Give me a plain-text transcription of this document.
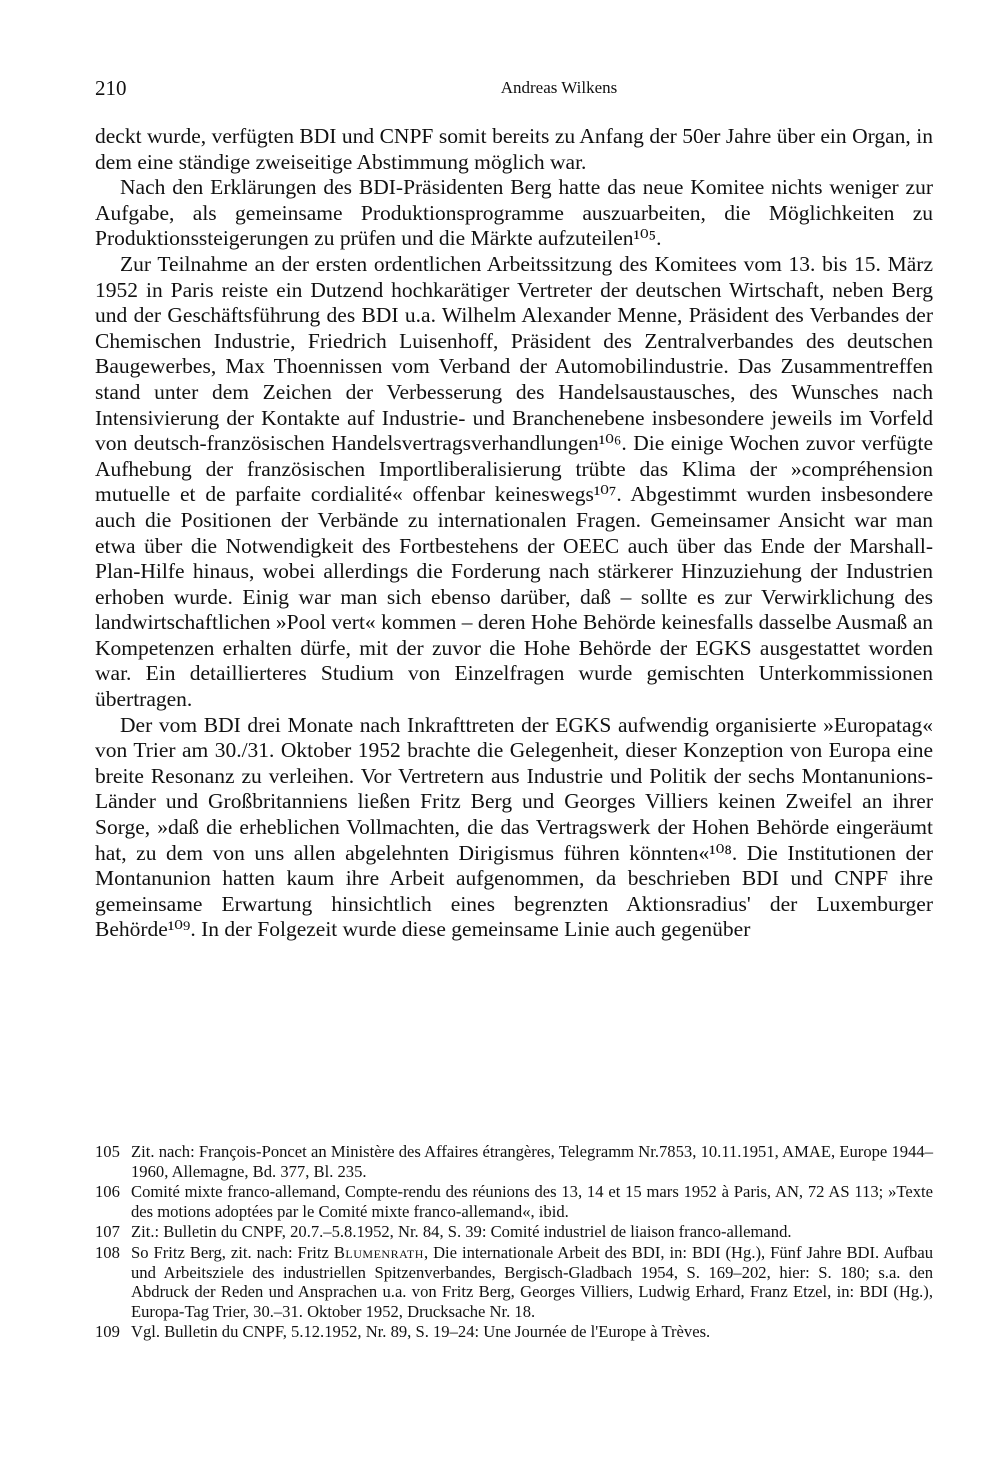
210	Andreas Wilkens

deckt wurde, verfügten BDI und CNPF somit bereits zu Anfang der 50er Jahre über ein Organ, in dem eine ständige zweiseitige Abstimmung möglich war.

Nach den Erklärungen des BDI-Präsidenten Berg hatte das neue Komitee nichts weniger zur Aufgabe, als gemeinsame Produktionsprogramme auszuarbeiten, die Möglichkeiten zu Produktionssteigerungen zu prüfen und die Märkte aufzuteilen¹⁰⁵.

Zur Teilnahme an der ersten ordentlichen Arbeitssitzung des Komitees vom 13. bis 15. März 1952 in Paris reiste ein Dutzend hochkarätiger Vertreter der deutschen Wirtschaft, neben Berg und der Geschäftsführung des BDI u.a. Wilhelm Alexander Menne, Präsident des Verbandes der Chemischen Industrie, Friedrich Luisenhoff, Präsident des Zentralverbandes des deutschen Baugewerbes, Max Thoennissen vom Verband der Automobilindustrie. Das Zusammentreffen stand unter dem Zeichen der Verbesserung des Handelsaustausches, des Wunsches nach Intensivierung der Kontakte auf Industrie- und Branchenebene insbesondere jeweils im Vorfeld von deutsch-französischen Handelsvertragsverhandlungen¹⁰⁶. Die einige Wochen zuvor verfügte Aufhebung der französischen Importliberalisierung trübte das Klima der »compréhension mutuelle et de parfaite cordialité« offenbar keineswegs¹⁰⁷. Abgestimmt wurden insbesondere auch die Positionen der Verbände zu internationalen Fragen. Gemeinsamer Ansicht war man etwa über die Notwendigkeit des Fortbestehens der OEEC auch über das Ende der Marshall-Plan-Hilfe hinaus, wobei allerdings die Forderung nach stärkerer Hinzuziehung der Industrien erhoben wurde. Einig war man sich ebenso darüber, daß – sollte es zur Verwirklichung des landwirtschaftlichen »Pool vert« kommen – deren Hohe Behörde keinesfalls dasselbe Ausmaß an Kompetenzen erhalten dürfe, mit der zuvor die Hohe Behörde der EGKS ausgestattet worden war. Ein detaillierteres Studium von Einzelfragen wurde gemischten Unterkommissionen übertragen.

Der vom BDI drei Monate nach Inkrafttreten der EGKS aufwendig organisierte »Europatag« von Trier am 30./31. Oktober 1952 brachte die Gelegenheit, dieser Konzeption von Europa eine breite Resonanz zu verleihen. Vor Vertretern aus Industrie und Politik der sechs Montanunions-Länder und Großbritanniens ließen Fritz Berg und Georges Villiers keinen Zweifel an ihrer Sorge, »daß die erheblichen Vollmachten, die das Vertragswerk der Hohen Behörde eingeräumt hat, zu dem von uns allen abgelehnten Dirigismus führen könnten«¹⁰⁸. Die Institutionen der Montanunion hatten kaum ihre Arbeit aufgenommen, da beschrieben BDI und CNPF ihre gemeinsame Erwartung hinsichtlich eines begrenzten Aktionsradius' der Luxemburger Behörde¹⁰⁹. In der Folgezeit wurde diese gemeinsame Linie auch gegenüber

105 Zit. nach: François-Poncet an Ministère des Affaires étrangères, Telegramm Nr.7853, 10.11.1951, AMAE, Europe 1944–1960, Allemagne, Bd. 377, Bl. 235.
106 Comité mixte franco-allemand, Compte-rendu des réunions des 13, 14 et 15 mars 1952 à Paris, AN, 72 AS 113; »Texte des motions adoptées par le Comité mixte franco-allemand«, ibid.
107 Zit.: Bulletin du CNPF, 20.7.–5.8.1952, Nr. 84, S. 39: Comité industriel de liaison franco-allemand.
108 So Fritz Berg, zit. nach: Fritz Blumenrath, Die internationale Arbeit des BDI, in: BDI (Hg.), Fünf Jahre BDI. Aufbau und Arbeitsziele des industriellen Spitzenverbandes, Bergisch-Gladbach 1954, S. 169–202, hier: S. 180; s.a. den Abdruck der Reden und Ansprachen u.a. von Fritz Berg, Georges Villiers, Ludwig Erhard, Franz Etzel, in: BDI (Hg.), Europa-Tag Trier, 30.–31. Oktober 1952, Drucksache Nr. 18.
109 Vgl. Bulletin du CNPF, 5.12.1952, Nr. 89, S. 19–24: Une Journée de l'Europe à Trèves.
